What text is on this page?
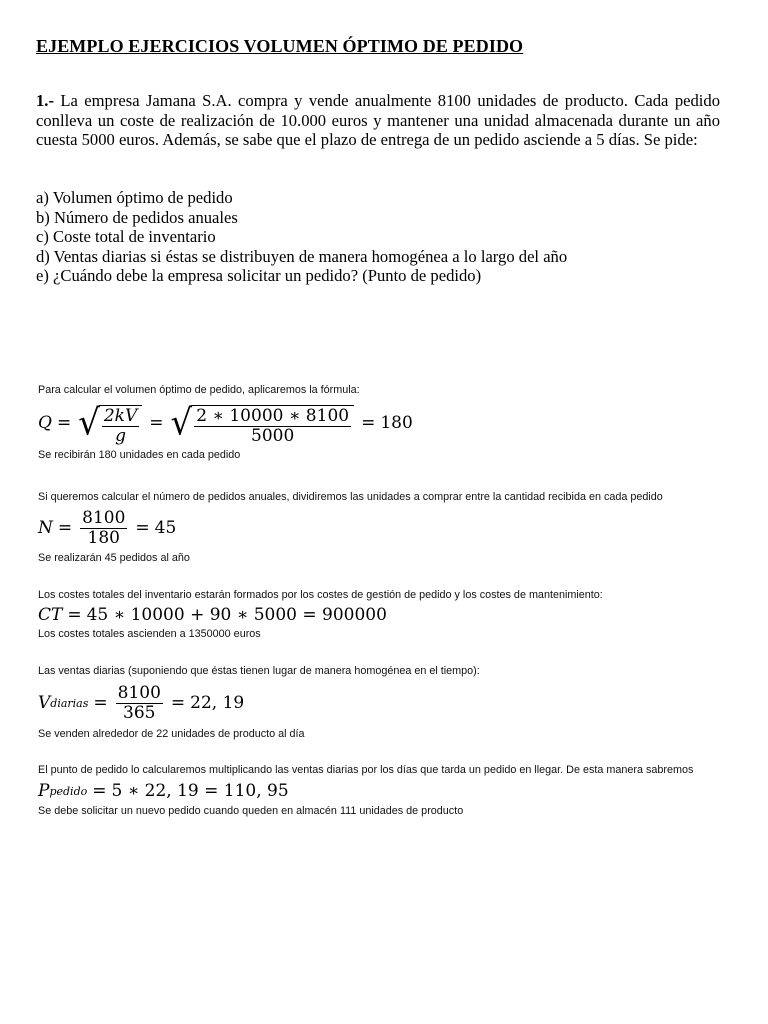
EJEMPLO EJERCICIOS VOLUMEN ÓPTIMO DE PEDIDO
1.- La empresa Jamana S.A. compra y vende anualmente 8100 unidades de producto. Cada pedido conlleva un coste de realización de 10.000 euros y mantener una unidad almacenada durante un año cuesta 5000 euros. Además, se sabe que el plazo de entrega de un pedido asciende a 5 días. Se pide:
a) Volumen óptimo de pedido
b) Número de pedidos anuales
c) Coste total de inventario
d) Ventas diarias si éstas se distribuyen de manera homogénea a lo largo del año
e) ¿Cuándo debe la empresa solicitar un pedido? (Punto de pedido)
Para calcular el volumen óptimo de pedido, aplicaremos la fórmula:
Q = √ $\frac{2kV}{g}$ = √ $\frac{2 ∗ 10000 ∗ 8100}{5000} = 180$
Se recibirán 180 unidades en cada pedido
Si queremos calcular el número de pedidos anuales, dividiremos las unidades a comprar entre la cantidad recibida en cada pedido
$N = \frac{8100}{180} = 45$
Se realizarán 45 pedidos al año
Los costes totales del inventario estarán formados por los costes de gestión de pedido y los costes de mantenimiento:
CT = 45 ∗ 10000 + 90 ∗ 5000 = 900000
Los costes totales ascienden a 1350000 euros
Las ventas diarias (suponiendo que éstas tienen lugar de manera homogénea en el tiempo):
V diarias = $\frac{8100}{365} = 22$, 19
Se venden alrededor de 22 unidades de producto al día
El punto de pedido lo calcularemos multiplicando las ventas diarias por los días que tarda un pedido en llegar. De esta manera sabremos
P pedido = 5 ∗ 22, 19 = 110, 95
Se debe solicitar un nuevo pedido cuando queden en almacén 111 unidades de producto
